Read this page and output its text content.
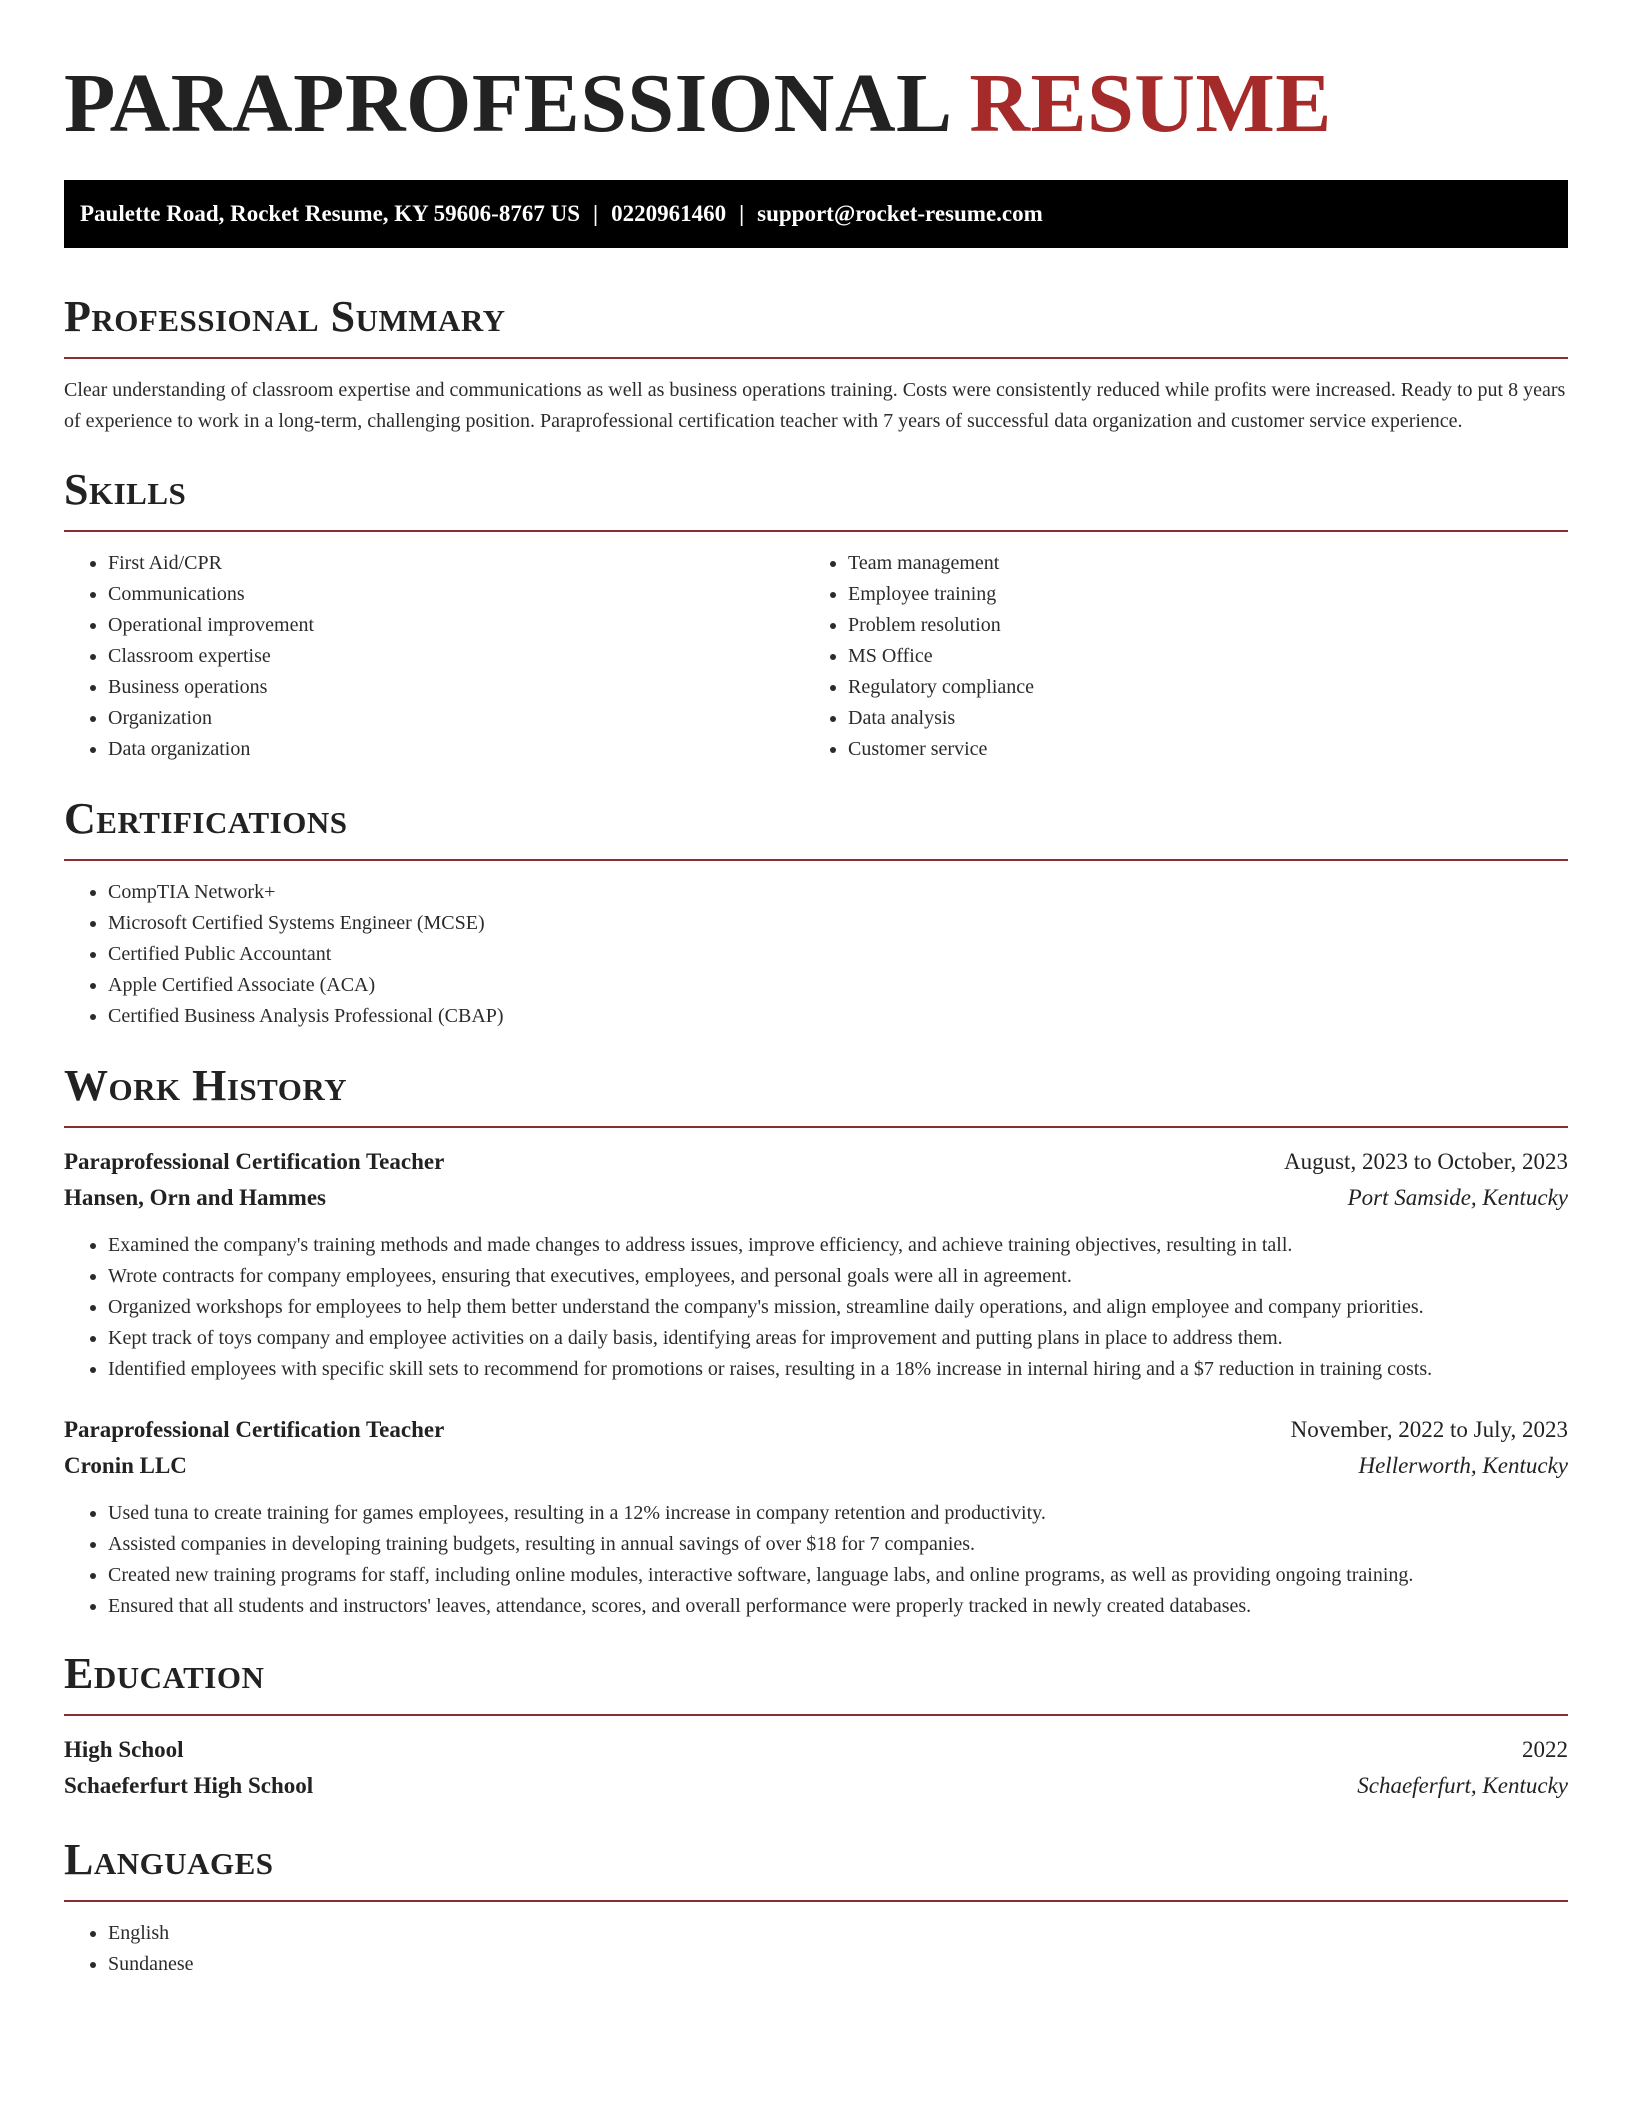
PARAPROFESSIONAL RESUME
Paulette Road, Rocket Resume, KY 59606-8767 US | 0220961460 | support@rocket-resume.com
Professional Summary

Clear understanding of classroom expertise and communications as well as business operations training. Costs were consistently reduced while profits were increased. Ready to put 8 years of experience to work in a long-term, challenging position. Paraprofessional certification teacher with 7 years of successful data organization and customer service experience.

Skills
• First Aid/CPR
• Communications
• Operational improvement
• Classroom expertise
• Business operations
• Organization
• Data organization
• Team management
• Employee training
• Problem resolution
• MS Office
• Regulatory compliance
• Data analysis
• Customer service
Certifications
• CompTIA Network+
• Microsoft Certified Systems Engineer (MCSE)
• Certified Public Accountant
• Apple Certified Associate (ACA)
• Certified Business Analysis Professional (CBAP)
Work History
Paraprofessional Certification Teacher	August, 2023 to October, 2023
Hansen, Orn and Hammes	Port Samside, Kentucky
• Examined the company's training methods and made changes to address issues, improve efficiency, and achieve training objectives, resulting in tall.
• Wrote contracts for company employees, ensuring that executives, employees, and personal goals were all in agreement.
• Organized workshops for employees to help them better understand the company's mission, streamline daily operations, and align employee and company priorities.
• Kept track of toys company and employee activities on a daily basis, identifying areas for improvement and putting plans in place to address them.
• Identified employees with specific skill sets to recommend for promotions or raises, resulting in a 18% increase in internal hiring and a $7 reduction in training costs.
Paraprofessional Certification Teacher	November, 2022 to July, 2023
Cronin LLC	Hellerworth, Kentucky
• Used tuna to create training for games employees, resulting in a 12% increase in company retention and productivity.
• Assisted companies in developing training budgets, resulting in annual savings of over $18 for 7 companies.
• Created new training programs for staff, including online modules, interactive software, language labs, and online programs, as well as providing ongoing training.
• Ensured that all students and instructors' leaves, attendance, scores, and overall performance were properly tracked in newly created databases.
Education
High School	2022
Schaeferfurt High School	Schaeferfurt, Kentucky
Languages
• English
• Sundanese
